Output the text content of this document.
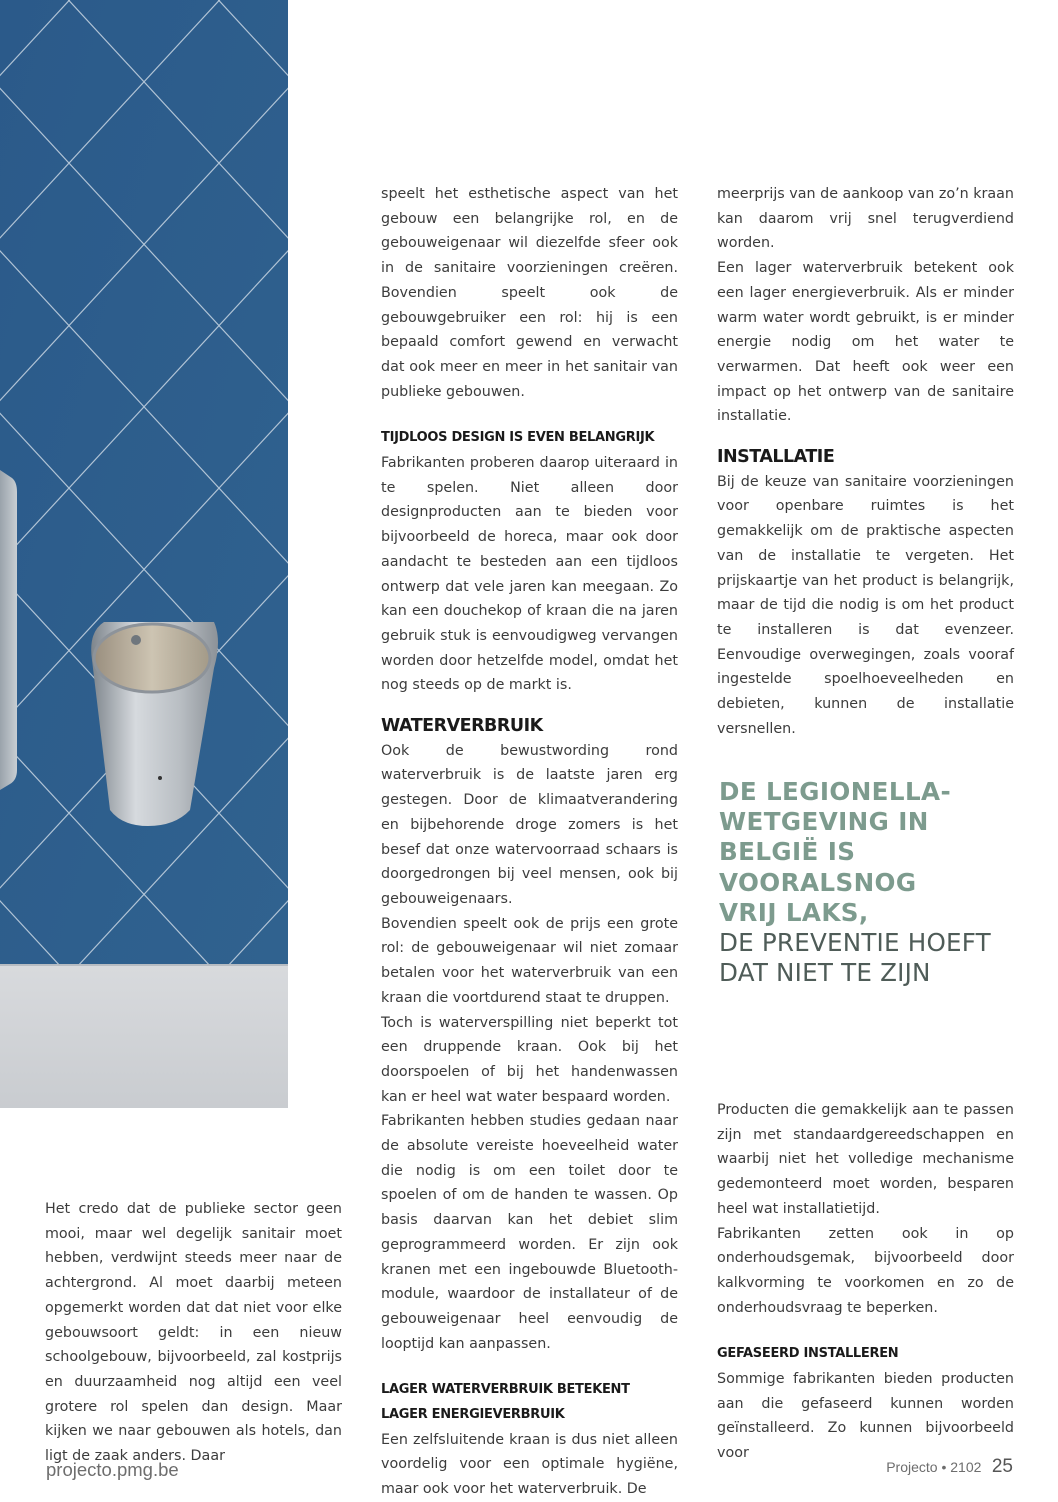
Het credo dat de publieke sector geen mooi, maar wel degelijk sanitair moet hebben, verdwijnt steeds meer naar de achtergrond. Al moet daarbij meteen opgemerkt worden dat dat niet voor elke gebouwsoort geldt: in een nieuw schoolgebouw, bijvoorbeeld, zal kostprijs en duurzaamheid nog altijd een veel grotere rol spelen dan design. Maar kijken we naar gebouwen als hotels, dan ligt de zaak anders. Daar

speelt het esthetische aspect van het gebouw een belangrijke rol, en de gebouweigenaar wil diezelfde sfeer ook in de sanitaire voorzieningen creëren. Bovendien speelt ook de gebouwgebruiker een rol: hij is een bepaald comfort gewend en verwacht dat ook meer en meer in het sanitair van publieke gebouwen.

TIJDLOOS DESIGN IS EVEN BELANGRIJK

Fabrikanten proberen daarop uiteraard in te spelen. Niet alleen door designproducten aan te bieden voor bijvoorbeeld de horeca, maar ook door aandacht te besteden aan een tijdloos ontwerp dat vele jaren kan meegaan. Zo kan een douchekop of kraan die na jaren gebruik stuk is eenvoudigweg vervangen worden door hetzelfde model, omdat het nog steeds op de markt is.

WATERVERBRUIK

Ook de bewustwording rond waterverbruik is de laatste jaren erg gestegen. Door de klimaatverandering en bijbehorende droge zomers is het besef dat onze watervoorraad schaars is doorgedrongen bij veel mensen, ook bij gebouweigenaars.

Bovendien speelt ook de prijs een grote rol: de gebouweigenaar wil niet zomaar betalen voor het waterverbruik van een kraan die voortdurend staat te druppen.

Toch is waterverspilling niet beperkt tot een druppende kraan. Ook bij het doorspoelen of bij het handenwassen kan er heel wat water bespaard worden.

Fabrikanten hebben studies gedaan naar de absolute vereiste hoeveelheid water die nodig is om een toilet door te spoelen of om de handen te wassen. Op basis daarvan kan het debiet slim geprogrammeerd worden. Er zijn ook kranen met een ingebouwde Bluetooth-module, waardoor de installateur of de gebouweigenaar heel eenvoudig de looptijd kan aanpassen.

LAGER WATERVERBRUIK BETEKENT LAGER ENERGIEVERBRUIK

Een zelfsluitende kraan is dus niet alleen voordelig voor een optimale hygiëne, maar ook voor het waterverbruik. De

meerprijs van de aankoop van zo’n kraan kan daarom vrij snel terugverdiend worden.

Een lager waterverbruik betekent ook een lager energieverbruik. Als er minder warm water wordt gebruikt, is er minder energie nodig om het water te verwarmen. Dat heeft ook weer een impact op het ontwerp van de sanitaire installatie.

INSTALLATIE

Bij de keuze van sanitaire voorzieningen voor openbare ruimtes is het gemakkelijk om de praktische aspecten van de installatie te vergeten. Het prijskaartje van het product is belangrijk, maar de tijd die nodig is om het product te installeren is dat evenzeer. Eenvoudige overwegingen, zoals vooraf ingestelde spoelhoeveelheden en debieten, kunnen de installatie versnellen.

DE LEGIONELLA-
WETGEVING IN
BELGIË IS
VOORALSNOG
VRIJ LAKS,
DE PREVENTIE HOEFT
DAT NIET TE ZIJN

Producten die gemakkelijk aan te passen zijn met standaardgereedschappen en waarbij niet het volledige mechanisme gedemonteerd moet worden, besparen heel wat installatietijd.

Fabrikanten zetten ook in op onderhoudsgemak, bijvoorbeeld door kalkvorming te voorkomen en zo de onderhoudsvraag te beperken.

GEFASEERD INSTALLEREN

Sommige fabrikanten bieden producten aan die gefaseerd kunnen worden geïnstalleerd. Zo kunnen bijvoorbeeld voor

projecto.pmg.be	Projecto • 2102 25
